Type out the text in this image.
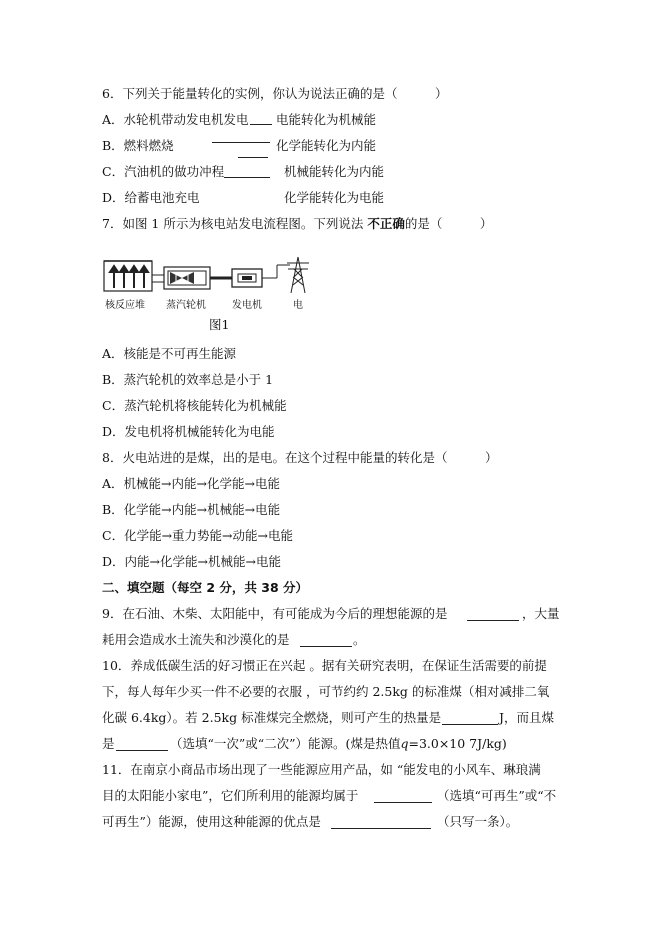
6．下列关于能量转化的实例，你认为说法正确的是（　　　）
A．水轮机带动发电机发电 电能转化为机械能
B．燃料燃烧	化学能转化为内能
C．汽油机的做功冲程	机械能转化为内能
D．给蓄电池充电	化学能转化为电能
7．如图 1 所示为核电站发电流程图。下列说法 不正确的是（　　　）
核反应堆 蒸汽轮机	发电机	电
图1
A．核能是不可再生能源
B．蒸汽轮机的效率总是小于 1
C．蒸汽轮机将核能转化为机械能
D．发电机将机械能转化为电能
8．火电站进的是煤，出的是电。在这个过程中能量的转化是（　　　）
A．机械能→内能→化学能→电能
B．化学能→内能→机械能→电能
C．化学能→重力势能→动能→电能
D．内能→化学能→机械能→电能
二、填空题（每空 2 分，共 38 分）
9．在石油、木柴、太阳能中，有可能成为今后的理想能源的是	，大量
耗用会造成水土流失和沙漠化的是	。
10．养成低碳生活的好习惯正在兴起 。据有关研究表明，在保证生活需要的前提
下，每人每年少买一件不必要的衣服 ，可节约约 2.5kg 的标准煤（相对减排二氧
化碳 6.4kg）。若 2.5kg 标准煤完全燃烧，则可产生的热量是	J，而且煤
是	（选填“一次”或“二次”）能源。(煤是热值q=3.0×10 7J/kg)
11．在南京小商品市场出现了一些能源应用产品，如 “能发电的小风车、琳琅满
目的太阳能小家电”，它们所利用的能源均属于	（选填“可再生”或“不
可再生”）能源，使用这种能源的优点是	（只写一条）。
